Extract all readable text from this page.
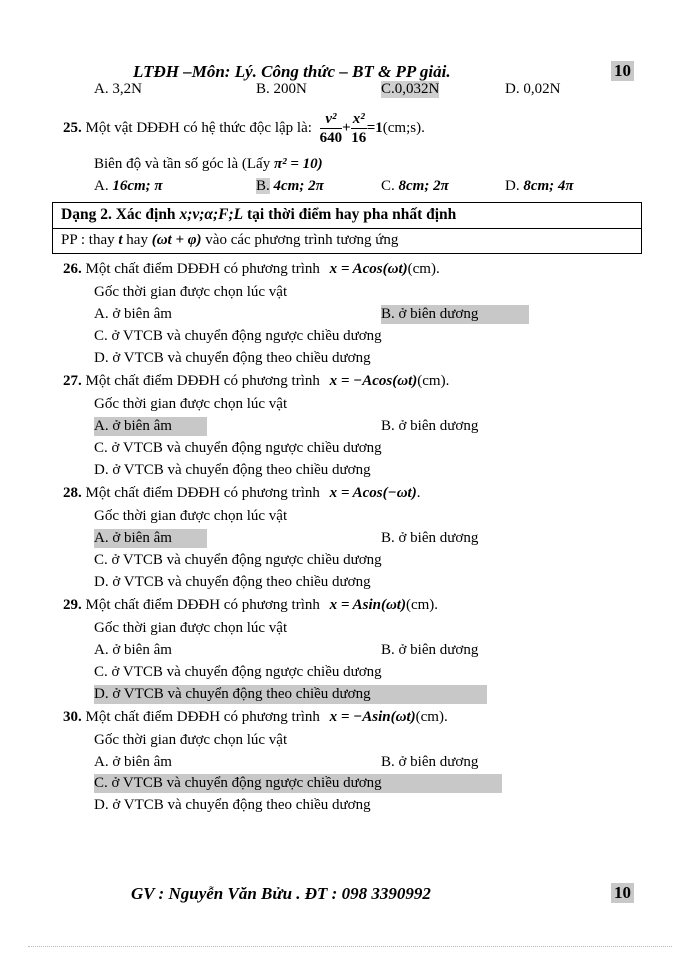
LTĐH –Môn: Lý. Công thức – BT & PP giải.	10
A. 3,2N	B. 200N	C.0,032N	D. 0,02N
25. Một vật DĐĐH có hệ thức độc lập là: $\frac{\text{v²}}{640} + \frac{\text{x²}}{16}$ =1(cm;s).
Biên độ và tần số góc là (Lấy π² = 10)
A. 16cm; π	B. 4cm; 2π	C. 8cm; 2π	D. 8cm; 4π
Dạng 2. Xác định x;v;α;F;L tại thời điểm hay pha nhất định
PP : thay t hay (ωt + φ) vào các phương trình tương ứng
26. Một chất điểm DĐĐH có phương trình x = Acos(ωt)(cm).
Gốc thời gian được chọn lúc vật
A. ở biên âm	B. ở biên dương
C. ở VTCB và chuyển động ngược chiều dương
D. ở VTCB và chuyển động theo chiều dương
27. Một chất điểm DĐĐH có phương trình x = −Acos(ωt)(cm).
Gốc thời gian được chọn lúc vật
A. ở biên âm	B. ở biên dương
C. ở VTCB và chuyển động ngược chiều dương
D. ở VTCB và chuyển động theo chiều dương
28. Một chất điểm DĐĐH có phương trình x = Acos(−ωt).
Gốc thời gian được chọn lúc vật
A. ở biên âm	B. ở biên dương
C. ở VTCB và chuyển động ngược chiều dương
D. ở VTCB và chuyển động theo chiều dương
29. Một chất điểm DĐĐH có phương trình x = Asin(ωt)(cm).
Gốc thời gian được chọn lúc vật
A. ở biên âm	B. ở biên dương
C. ở VTCB và chuyển động ngược chiều dương
D. ở VTCB và chuyển động theo chiều dương
30. Một chất điểm DĐĐH có phương trình x = −Asin(ωt)(cm).
Gốc thời gian được chọn lúc vật
A. ở biên âm	B. ở biên dương
C. ở VTCB và chuyển động ngược chiều dương
D. ở VTCB và chuyển động theo chiều dương
GV : Nguyễn Văn Bửu . ĐT : 098 3390992	10
